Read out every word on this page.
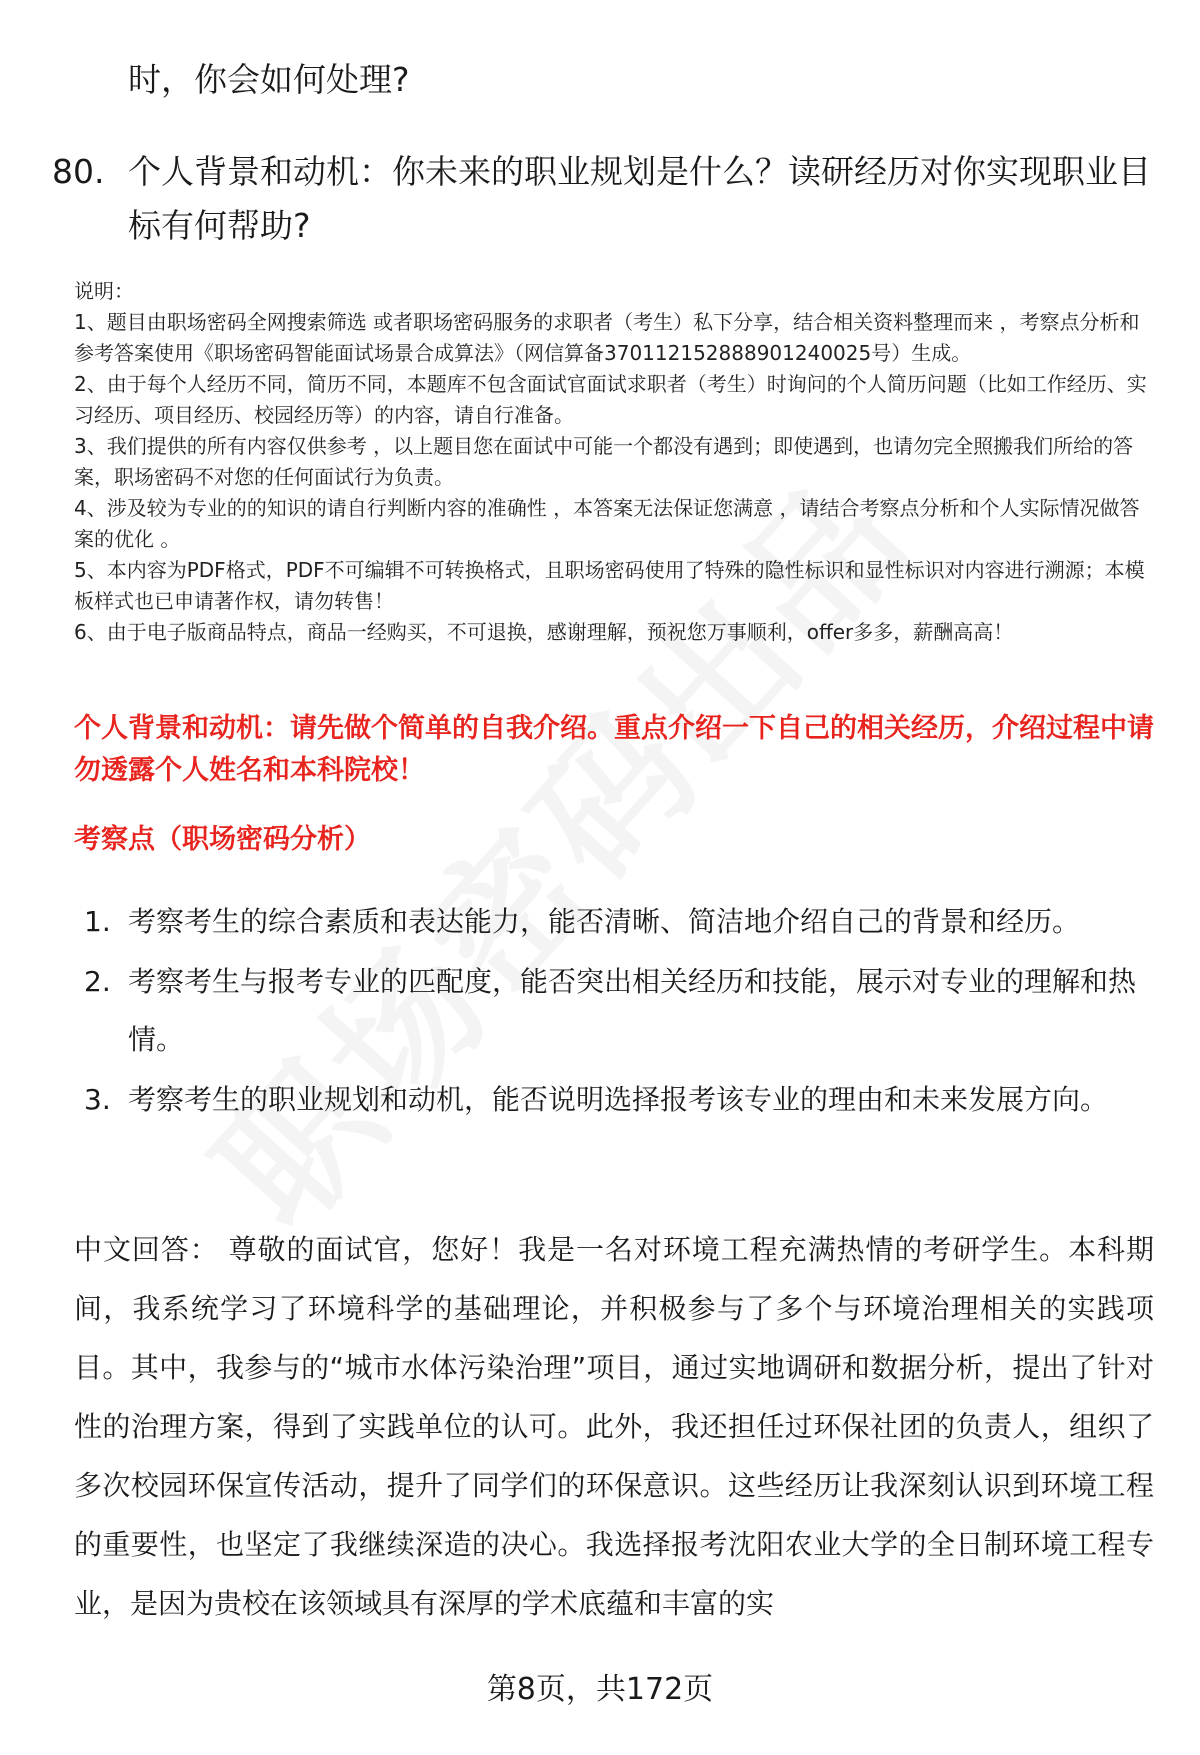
时，你会如何处理?

80. 个人背景和动机：你未来的职业规划是什么？读研经历对你实现职业目标有何帮助?

说明：

1、题目由职场密码全网搜索筛选 或者职场密码服务的求职者（考生）私下分享，结合相关资料整理而来 ，考察点分析和参考答案使用《职场密码智能面试场景合成算法》（网信算备370112152888901240025号）生成。

2、由于每个人经历不同，简历不同，本题库不包含面试官面试求职者（考生）时询问的个人简历问题（比如工作经历、实习经历、项目经历、校园经历等）的内容，请自行准备。

3、我们提供的所有内容仅供参考 ，以上题目您在面试中可能一个都没有遇到；即使遇到，也请勿完全照搬我们所给的答案，职场密码不对您的任何面试行为负责。

4、涉及较为专业的的知识的请自行判断内容的准确性 ，本答案无法保证您满意 ，请结合考察点分析和个人实际情况做答案的优化 。

5、本内容为PDF格式，PDF不可编辑不可转换格式，且职场密码使用了特殊的隐性标识和显性标识对内容进行溯源；本模板样式也已申请著作权，请勿转售！

6、由于电子版商品特点，商品一经购买，不可退换，感谢理解，预祝您万事顺利，offer多多，薪酬高高！

个人背景和动机：请先做个简单的自我介绍。重点介绍一下自己的相关经历，介绍过程中请勿透露个人姓名和本科院校！

考察点（职场密码分析）

1. 考察考生的综合素质和表达能力，能否清晰、简洁地介绍自己的背景和经历。
2. 考察考生与报考专业的匹配度，能否突出相关经历和技能，展示对专业的理解和热情。
3. 考察考生的职业规划和动机，能否说明选择报考该专业的理由和未来发展方向。

中文回答： 尊敬的面试官，您好！我是一名对环境工程充满热情的考研学生。本科期间，我系统学习了环境科学的基础理论，并积极参与了多个与环境治理相关的实践项目。其中，我参与的“城市水体污染治理”项目，通过实地调研和数据分析，提出了针对性的治理方案，得到了实践单位的认可。此外，我还担任过环保社团的负责人，组织了多次校园环保宣传活动，提升了同学们的环保意识。这些经历让我深刻认识到环境工程的重要性，也坚定了我继续深造的决心。我选择报考沈阳农业大学的全日制环境工程专业，是因为贵校在该领域具有深厚的学术底蕴和丰富的实

第8页，共172页
